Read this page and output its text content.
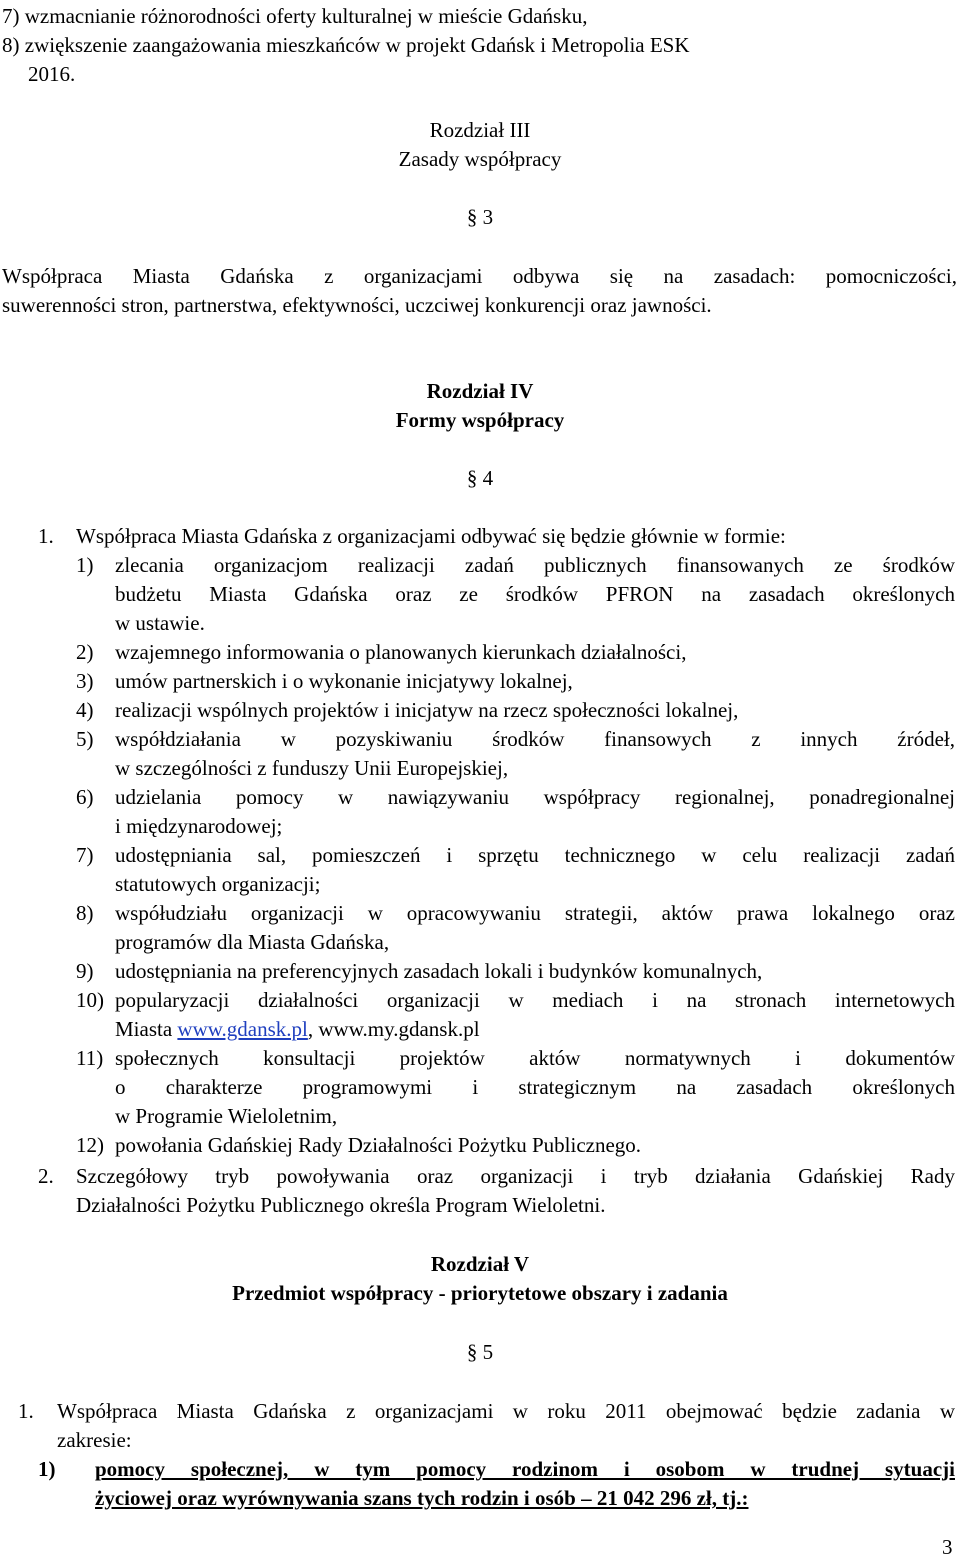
7) wzmacnianie różnorodności oferty kulturalnej w mieście Gdańsku,
8) zwiększenie zaangażowania mieszkańców w projekt Gdańsk i Metropolia ESK
2016.
Rozdział III
Zasady współpracy
§ 3
Współpraca Miasta Gdańska z organizacjami odbywa się na zasadach: pomocniczości,
suwerenności stron, partnerstwa, efektywności, uczciwej konkurencji oraz jawności.
Rozdział IV
Formy współpracy
§ 4
1. Współpraca Miasta Gdańska z organizacjami odbywać się będzie głównie w formie:
1) zlecania organizacjom realizacji zadań publicznych finansowanych ze środków
budżetu Miasta Gdańska oraz ze środków PFRON na zasadach określonych
w ustawie.
2) wzajemnego informowania o planowanych kierunkach działalności,
3) umów partnerskich i o wykonanie inicjatywy lokalnej,
4) realizacji wspólnych projektów i inicjatyw na rzecz społeczności lokalnej,
5) współdziałania w pozyskiwaniu środków finansowych z innych źródeł,
w szczególności z funduszy Unii Europejskiej,
6) udzielania pomocy w nawiązywaniu współpracy regionalnej, ponadregionalnej
i międzynarodowej;
7) udostępniania sal, pomieszczeń i sprzętu technicznego w celu realizacji zadań
statutowych organizacji;
8) współudziału organizacji w opracowywaniu strategii, aktów prawa lokalnego oraz
programów dla Miasta Gdańska,
9) udostępniania na preferencyjnych zasadach lokali i budynków komunalnych,
10) popularyzacji działalności organizacji w mediach i na stronach internetowych
Miasta www.gdansk.pl, www.my.gdansk.pl
11) społecznych konsultacji projektów aktów normatywnych i dokumentów
o charakterze programowymi i strategicznym na zasadach określonych
w Programie Wieloletnim,
12) powołania Gdańskiej Rady Działalności Pożytku Publicznego.
2. Szczegółowy tryb powoływania oraz organizacji i tryb działania Gdańskiej Rady
Działalności Pożytku Publicznego określa Program Wieloletni.
Rozdział V
Przedmiot współpracy - priorytetowe obszary i zadania
§ 5
1. Współpraca Miasta Gdańska z organizacjami w roku 2011 obejmować będzie zadania w
zakresie:
1) pomocy społecznej, w tym pomocy rodzinom i osobom w trudnej sytuacji
życiowej oraz wyrównywania szans tych rodzin i osób – 21 042 296 zł, tj.:
3
